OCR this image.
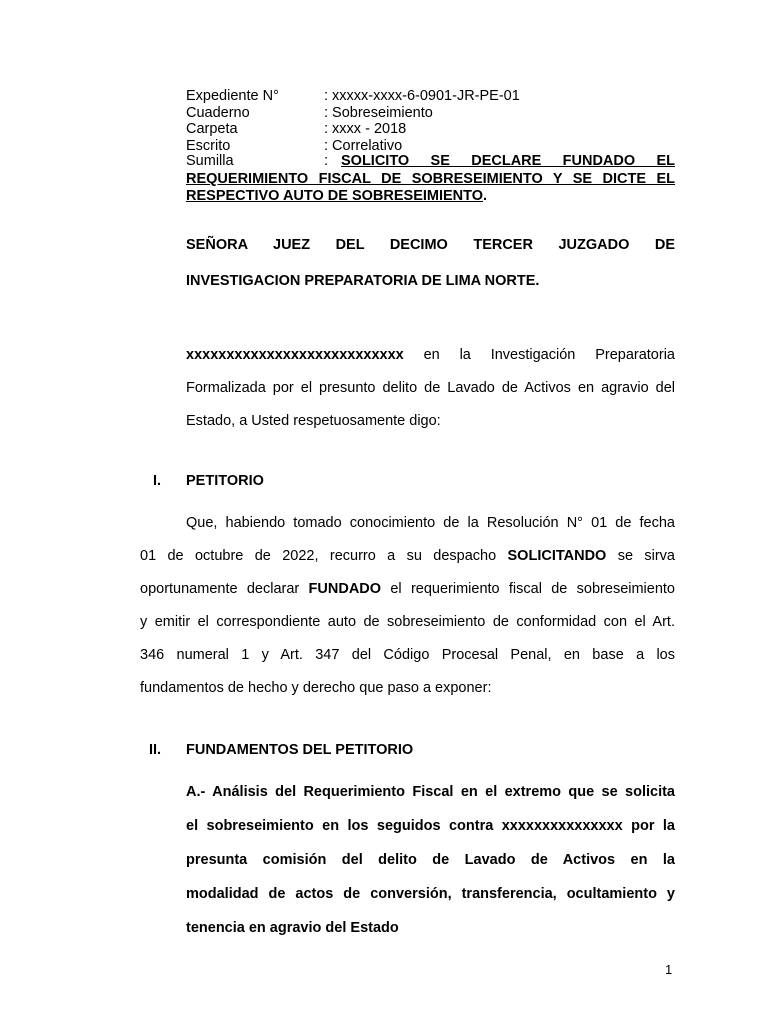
Expediente N°	: xxxxx-xxxx-6-0901-JR-PE-01
Cuaderno	: Sobreseimiento
Carpeta	: xxxx - 2018
Escrito	: Correlativo
Sumilla	: SOLICITO SE DECLARE FUNDADO EL
REQUERIMIENTO FISCAL DE SOBRESEIMIENTO Y SE DICTE EL
RESPECTIVO AUTO DE SOBRESEIMIENTO.
SEÑORA JUEZ DEL DECIMO TERCER JUZGADO DE
INVESTIGACION PREPARATORIA DE LIMA NORTE.
xxxxxxxxxxxxxxxxxxxxxxxxxxx en la Investigación Preparatoria
Formalizada por el presunto delito de Lavado de Activos en agravio del
Estado, a Usted respetuosamente digo:
I. PETITORIO
Que, habiendo tomado conocimiento de la Resolución N° 01 de fecha
01 de octubre de 2022, recurro a su despacho SOLICITANDO se sirva
oportunamente declarar FUNDADO el requerimiento fiscal de sobreseimiento
y emitir el correspondiente auto de sobreseimiento de conformidad con el Art.
346 numeral 1 y Art. 347 del Código Procesal Penal, en base a los
fundamentos de hecho y derecho que paso a exponer:
II. FUNDAMENTOS DEL PETITORIO
A.- Análisis del Requerimiento Fiscal en el extremo que se solicita
el sobreseimiento en los seguidos contra xxxxxxxxxxxxxxx por la
presunta comisión del delito de Lavado de Activos en la
modalidad de actos de conversión, transferencia, ocultamiento y
tenencia en agravio del Estado
1
